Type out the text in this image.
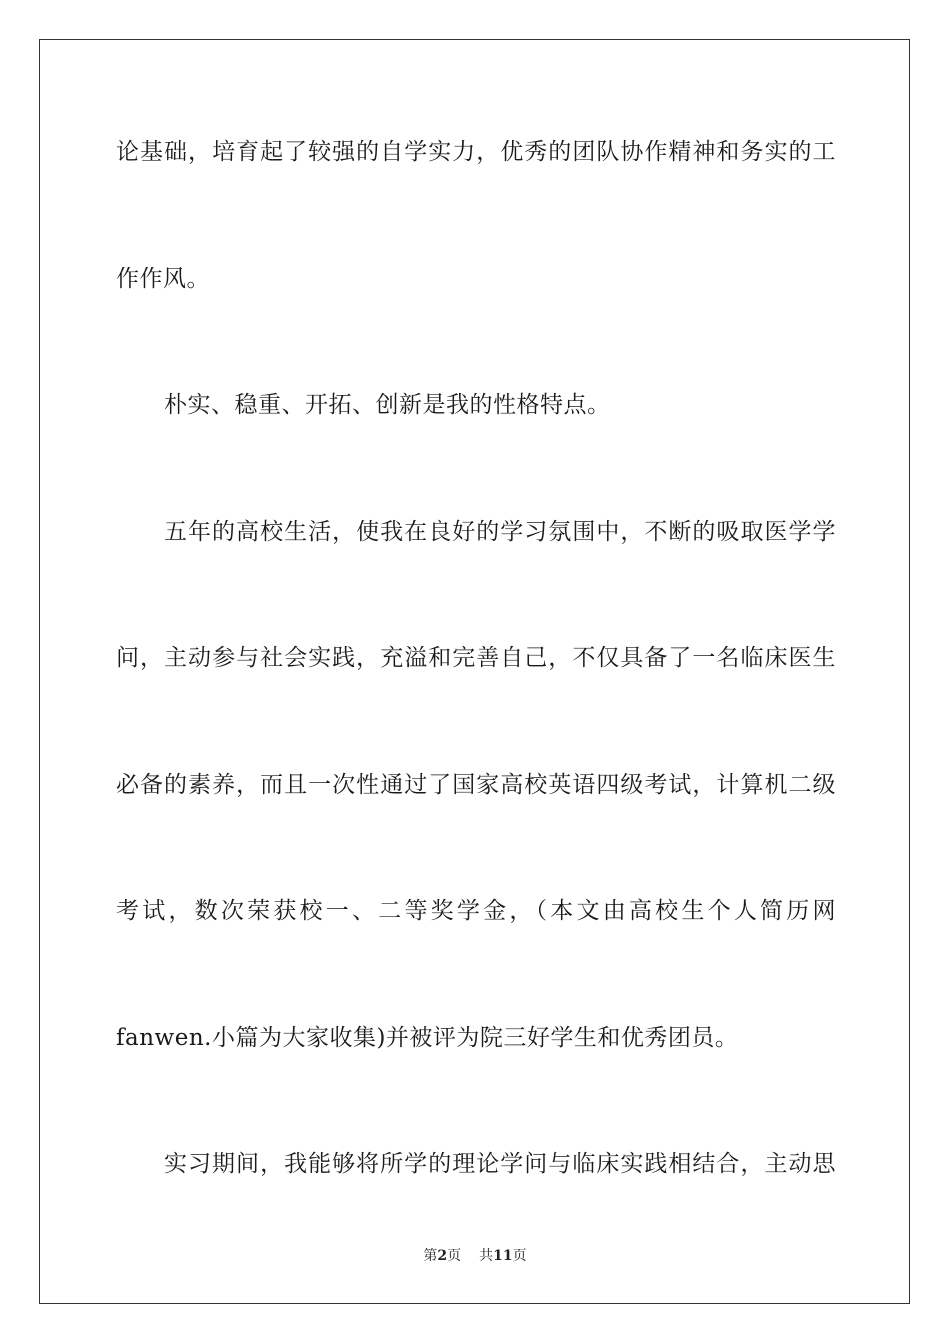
论基础，培育起了较强的自学实力，优秀的团队协作精神和务实的工
作作风。
朴实、稳重、开拓、创新是我的性格特点。
五年的高校生活，使我在良好的学习氛围中，不断的吸取医学学
问，主动参与社会实践，充溢和完善自己，不仅具备了一名临床医生
必备的素养，而且一次性通过了国家高校英语四级考试，计算机二级
考试，数次荣获校一、二等奖学金，（本文由高校生个人简历网
fanwen.小篇为大家收集)并被评为院三好学生和优秀团员。
实习期间，我能够将所学的理论学问与临床实践相结合，主动思
第2页 共11页
